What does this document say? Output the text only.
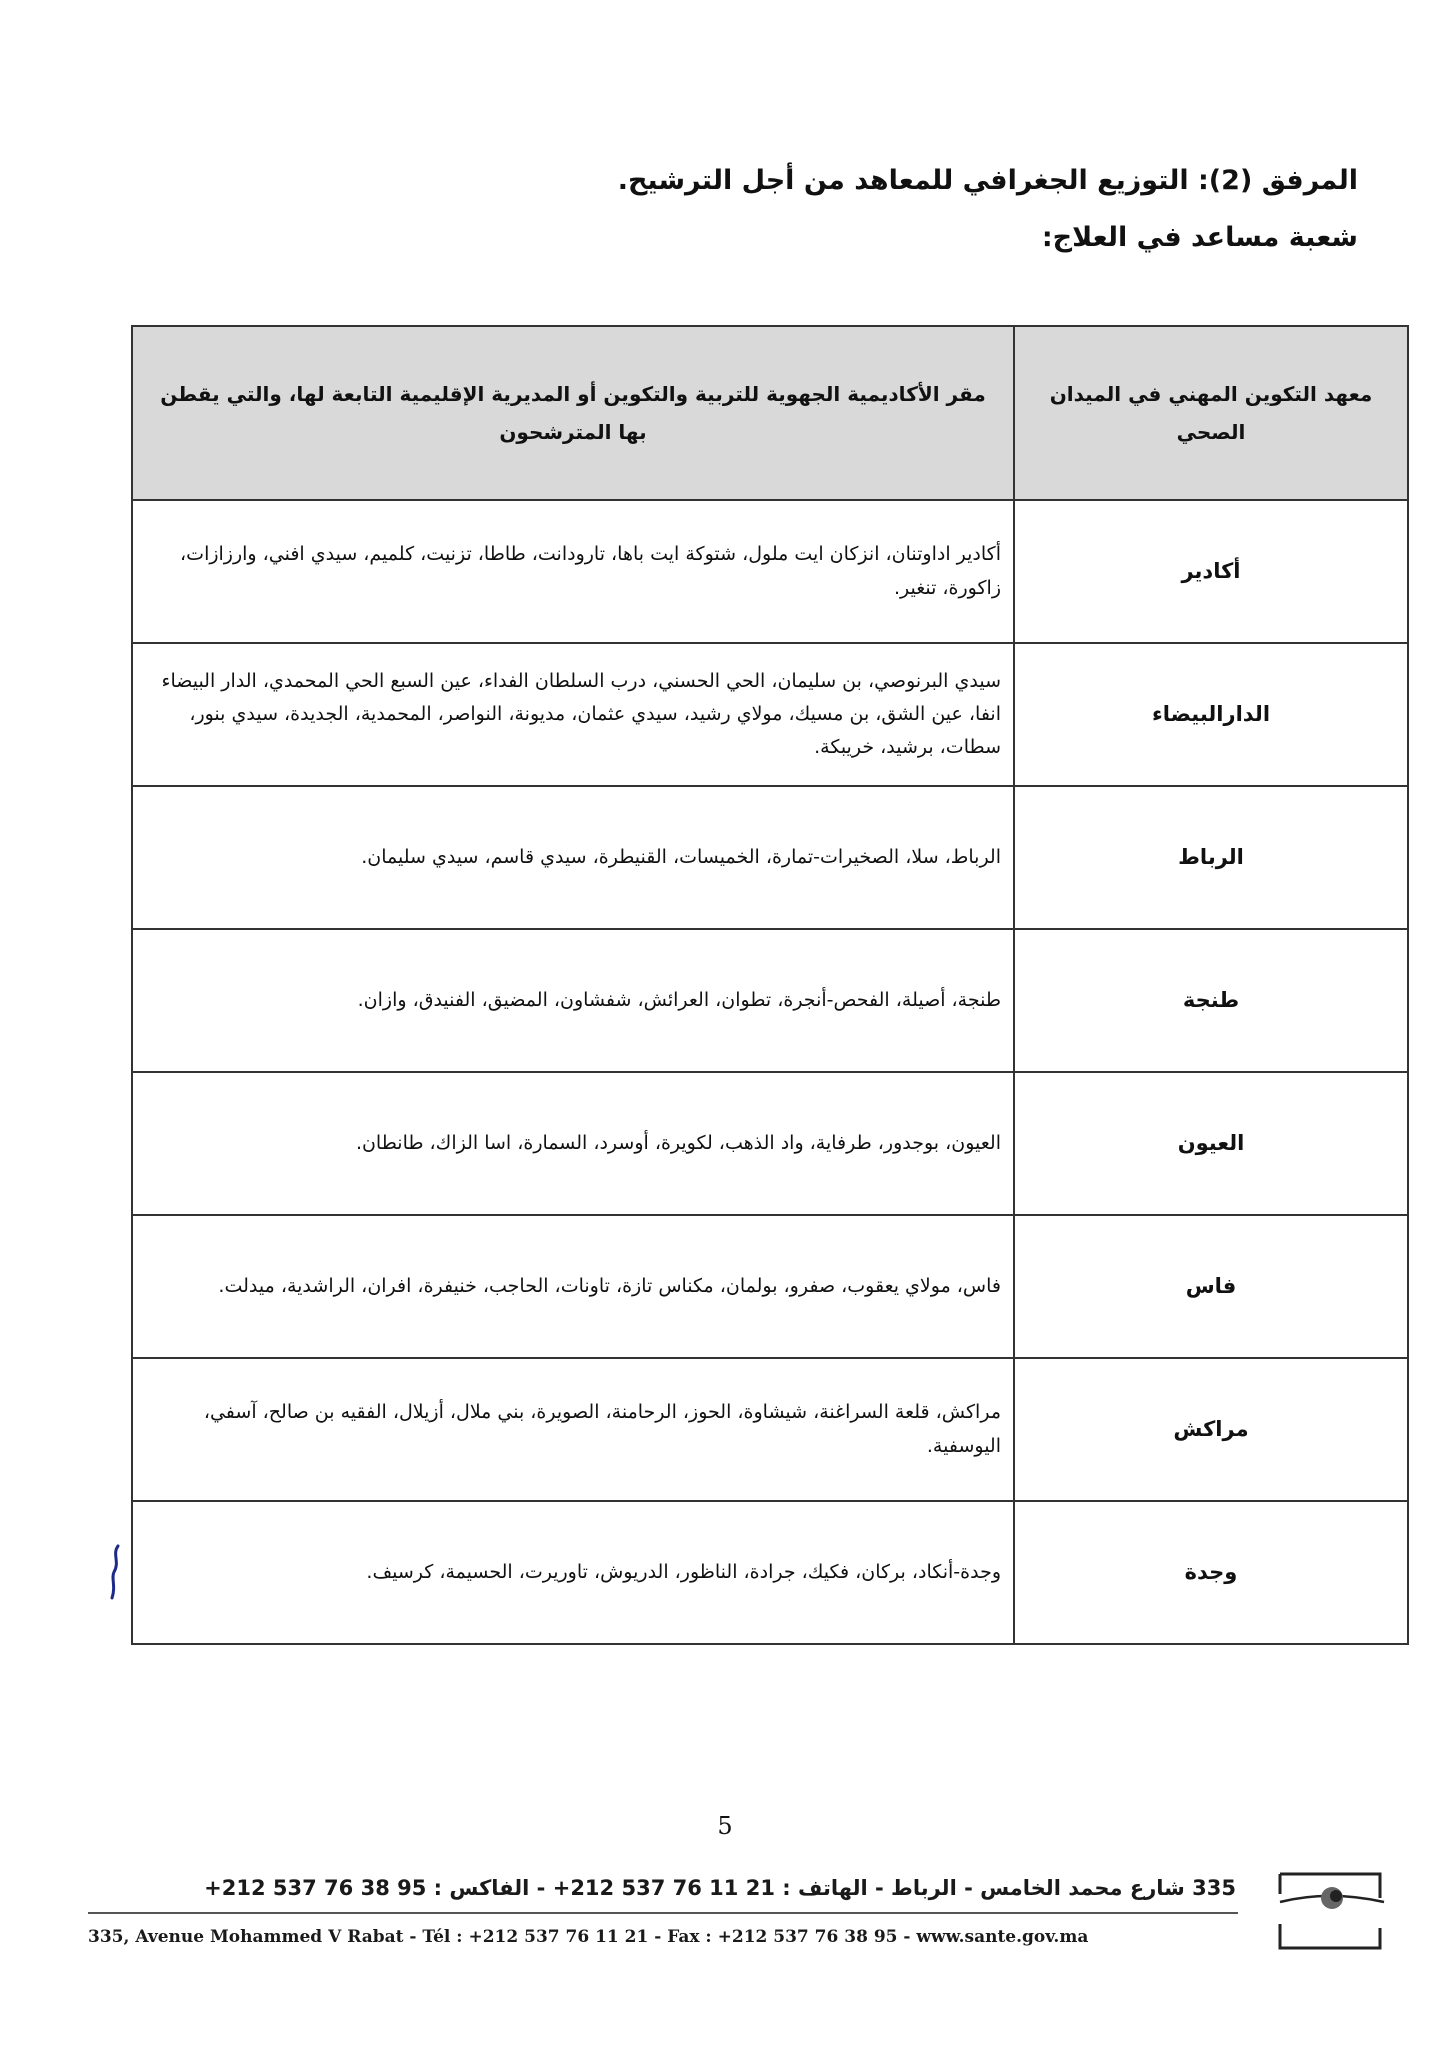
المرفق (2): التوزيع الجغرافي للمعاهد من أجل الترشيح.
شعبة مساعد في العلاج:
معهد التكوين المهني في الميدان الصحي	مقر الأكاديمية الجهوية للتربية والتكوين أو المديرية الإقليمية التابعة لها، والتي يقطن بها المترشحون
أكادير	أكادير اداوتنان، انزكان ايت ملول، شتوكة ايت باها، تارودانت، طاطا، تزنيت، كلميم، سيدي افني، وارزازات، زاكورة، تنغير.
الدارالبيضاء	سيدي البرنوصي، بن سليمان، الحي الحسني، درب السلطان الفداء، عين السبع الحي المحمدي، الدار البيضاء انفا، عين الشق، بن مسيك، مولاي رشيد، سيدي عثمان، مديونة، النواصر، المحمدية، الجديدة، سيدي بنور، سطات، برشيد، خريبكة.
الرباط	الرباط، سلا، الصخيرات-تمارة، الخميسات، القنيطرة، سيدي قاسم، سيدي سليمان.
طنجة	طنجة، أصيلة، الفحص-أنجرة، تطوان، العرائش، شفشاون، المضيق، الفنيدق، وازان.
العيون	العيون، بوجدور، طرفاية، واد الذهب، لكويرة، أوسرد، السمارة، اسا الزاك، طانطان.
فاس	فاس، مولاي يعقوب، صفرو، بولمان، مكناس تازة، تاونات، الحاجب، خنيفرة، افران، الراشدية، ميدلت.
مراكش	مراكش، قلعة السراغنة، شيشاوة، الحوز، الرحامنة، الصويرة، بني ملال، أزيلال، الفقيه بن صالح، آسفي، اليوسفية.
وجدة	وجدة-أنكاد، بركان، فكيك، جرادة، الناظور، الدريوش، تاوريرت، الحسيمة، كرسيف.
5
335 شارع محمد الخامس - الرباط - الهاتف : 21 11 76 537 212+ - الفاكس : 95 38 76 537 212+
335, Avenue Mohammed V Rabat - Tél : +212 537 76 11 21 - Fax : +212 537 76 38 95 - www.sante.gov.ma
